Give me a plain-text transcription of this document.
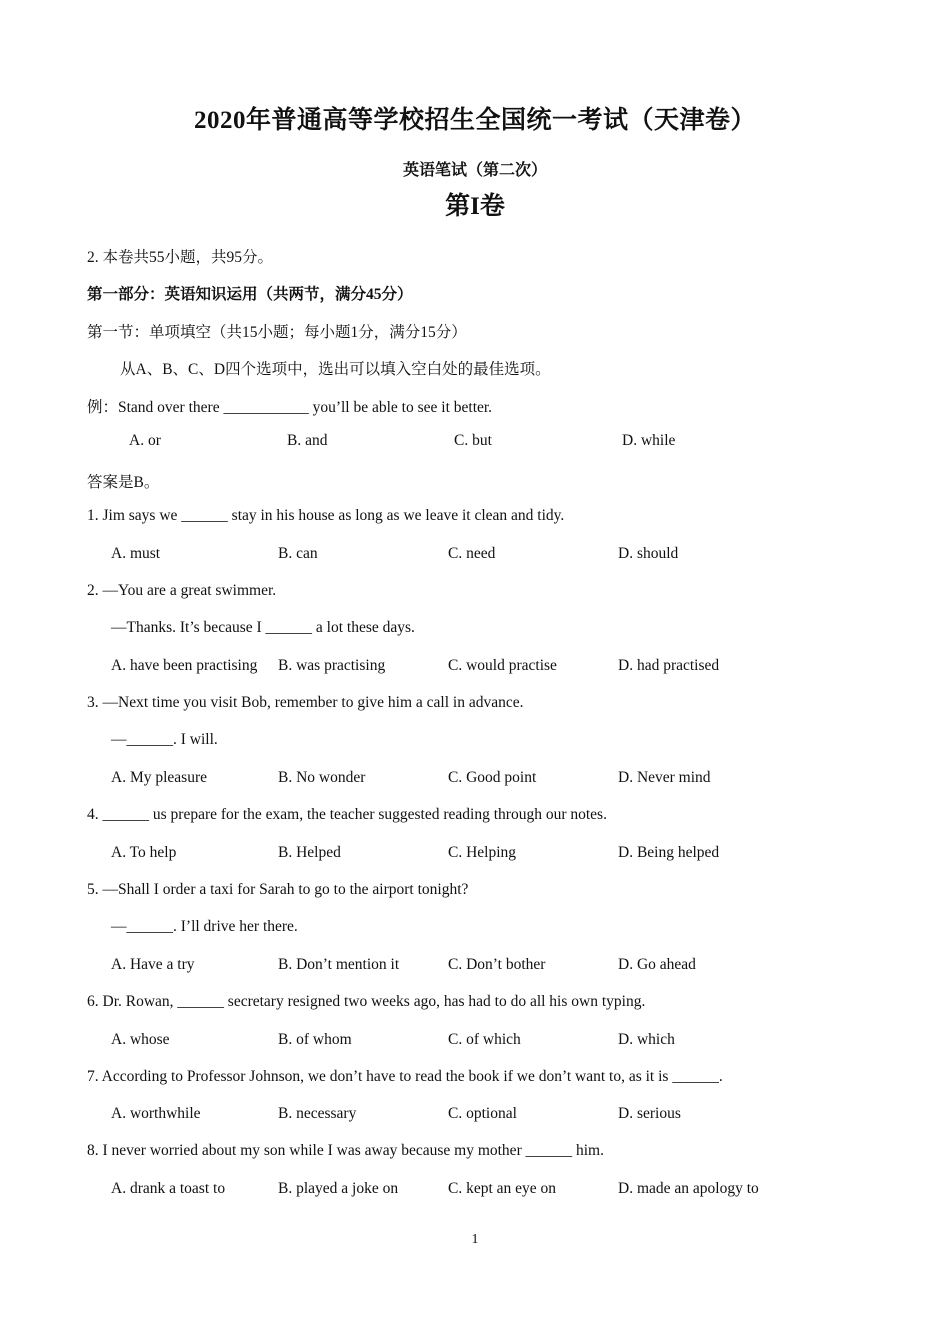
2020年普通高等学校招生全国统一考试（天津卷）
英语笔试（第二次）
第I卷
2. 本卷共55小题，共95分。
第一部分：英语知识运用（共两节，满分45分）
第一节：单项填空（共15小题；每小题1分，满分15分）
从A、B、C、D四个选项中，选出可以填入空白处的最佳选项。
例：Stand over there ___________ you’ll be able to see it better.
A. or	B. and	C. but	D. while
答案是B。
1. Jim says we ______ stay in his house as long as we leave it clean and tidy.
A. must	B. can	C. need	D. should
2. —You are a great swimmer.
—Thanks. It’s because I ______ a lot these days.
A. have been practising B. was practising	C. would practise	D. had practised
3. —Next time you visit Bob, remember to give him a call in advance.
—______. I will.
A. My pleasure	B. No wonder	C. Good point	D. Never mind
4. ______ us prepare for the exam, the teacher suggested reading through our notes.
A. To help	B. Helped	C. Helping	D. Being helped
5. —Shall I order a taxi for Sarah to go to the airport tonight?
—______. I’ll drive her there.
A. Have a try	B. Don’t mention it	C. Don’t bother	D. Go ahead
6. Dr. Rowan, ______ secretary resigned two weeks ago, has had to do all his own typing.
A. whose	B. of whom	C. of which	D. which
7. According to Professor Johnson, we don’t have to read the book if we don’t want to, as it is ______.
A. worthwhile	B. necessary	C. optional	D. serious
8. I never worried about my son while I was away because my mother ______ him.
A. drank a toast to	B. played a joke on	C. kept an eye on	D. made an apology to
1
